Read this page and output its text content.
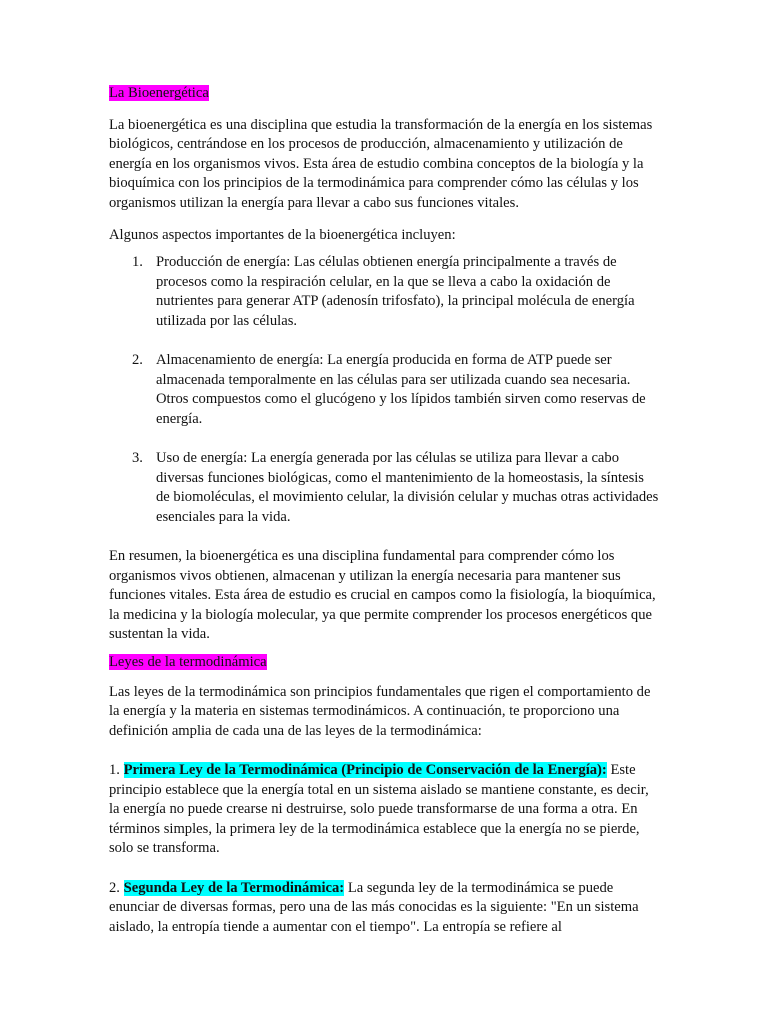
La Bioenergética

La bioenergética es una disciplina que estudia la transformación de la energía en los sistemas biológicos, centrándose en los procesos de producción, almacenamiento y utilización de energía en los organismos vivos. Esta área de estudio combina conceptos de la biología y la bioquímica con los principios de la termodinámica para comprender cómo las células y los organismos utilizan la energía para llevar a cabo sus funciones vitales.

Algunos aspectos importantes de la bioenergética incluyen:

1. Producción de energía: Las células obtienen energía principalmente a través de procesos como la respiración celular, en la que se lleva a cabo la oxidación de nutrientes para generar ATP (adenosín trifosfato), la principal molécula de energía utilizada por las células.
2. Almacenamiento de energía: La energía producida en forma de ATP puede ser almacenada temporalmente en las células para ser utilizada cuando sea necesaria. Otros compuestos como el glucógeno y los lípidos también sirven como reservas de energía.
3. Uso de energía: La energía generada por las células se utiliza para llevar a cabo diversas funciones biológicas, como el mantenimiento de la homeostasis, la síntesis de biomoléculas, el movimiento celular, la división celular y muchas otras actividades esenciales para la vida.

En resumen, la bioenergética es una disciplina fundamental para comprender cómo los organismos vivos obtienen, almacenan y utilizan la energía necesaria para mantener sus funciones vitales. Esta área de estudio es crucial en campos como la fisiología, la bioquímica, la medicina y la biología molecular, ya que permite comprender los procesos energéticos que sustentan la vida.

Leyes de la termodinámica

Las leyes de la termodinámica son principios fundamentales que rigen el comportamiento de la energía y la materia en sistemas termodinámicos. A continuación, te proporciono una definición amplia de cada una de las leyes de la termodinámica:

1. Primera Ley de la Termodinámica (Principio de Conservación de la Energía): Este principio establece que la energía total en un sistema aislado se mantiene constante, es decir, la energía no puede crearse ni destruirse, solo puede transformarse de una forma a otra. En términos simples, la primera ley de la termodinámica establece que la energía no se pierde, solo se transforma.

2. Segunda Ley de la Termodinámica: La segunda ley de la termodinámica se puede enunciar de diversas formas, pero una de las más conocidas es la siguiente: "En un sistema aislado, la entropía tiende a aumentar con el tiempo". La entropía se refiere al
